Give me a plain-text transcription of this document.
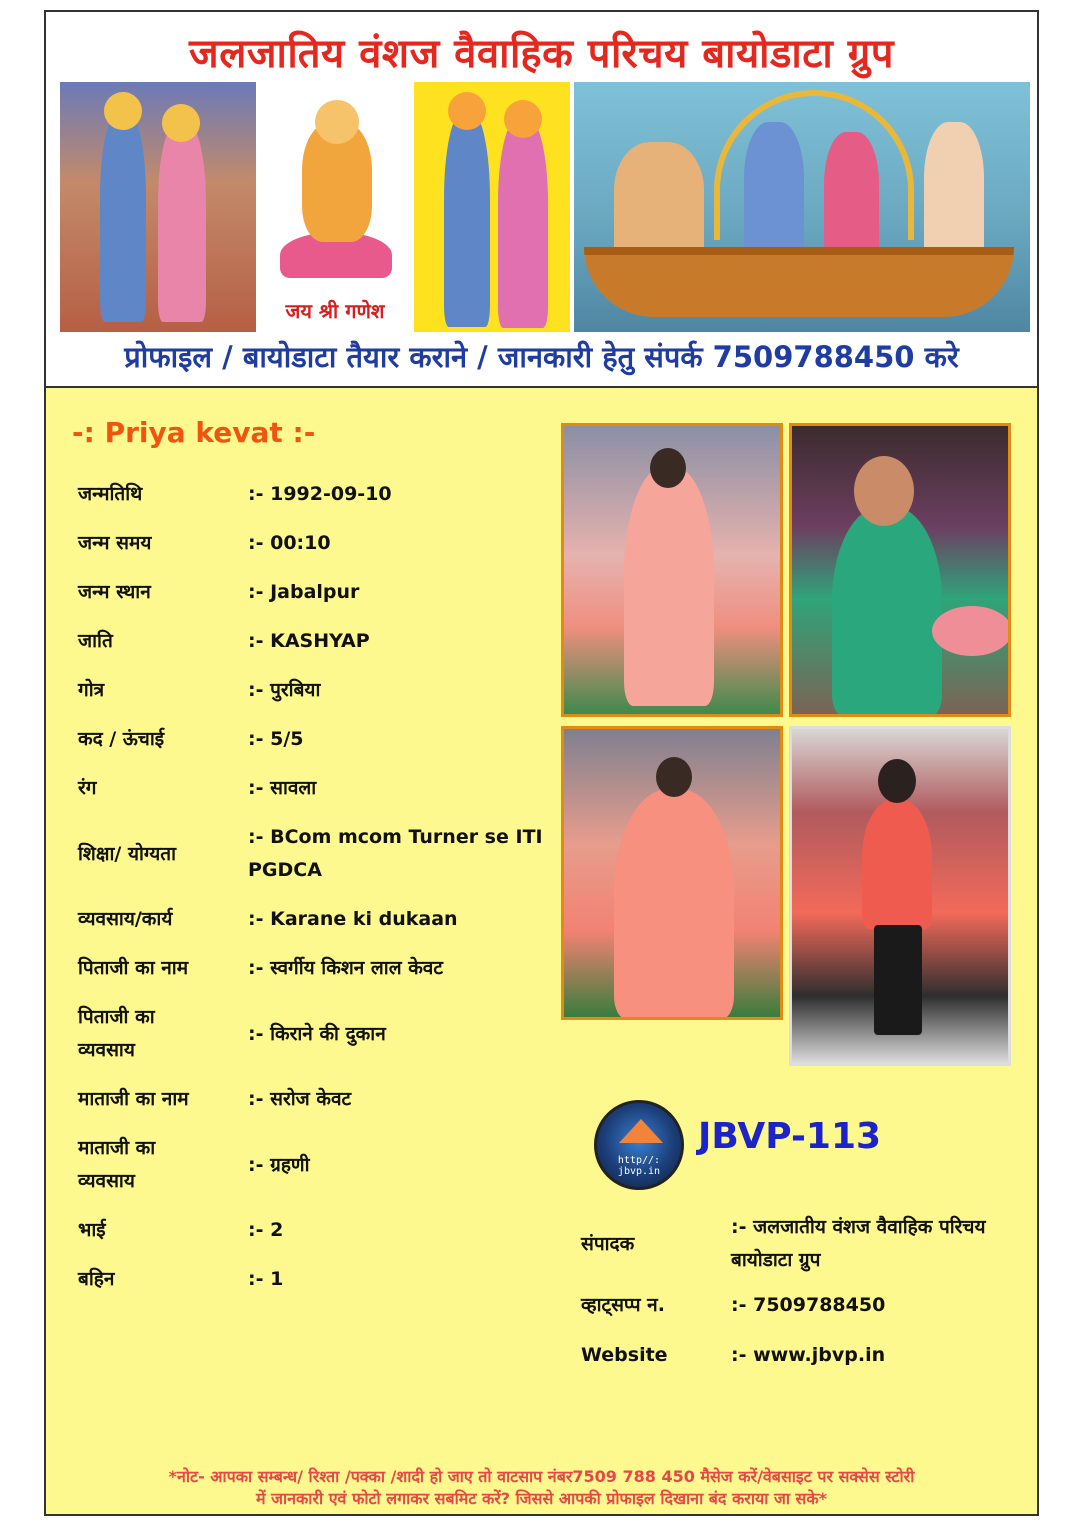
जलजातिय वंशज वैवाहिक परिचय बायोडाटा ग्रुप
जय श्री गणेश
प्रोफाइल / बायोडाटा तैयार कराने / जानकारी हेतु संपर्क 7509788450 करे
-: Priya kevat :-
जन्मतिथि	:- 1992-09-10
जन्म समय	:- 00:10
जन्म स्थान	:- Jabalpur
जाति	:- KASHYAP
गोत्र	:- पुरबिया
कद / ऊंचाई	:- 5/5
रंग	:- सावला
शिक्षा/ योग्यता
:- BCom mcom Turner se ITI PGDCA
व्यवसाय/कार्य	:- Karane ki dukaan
पिताजी का नाम	:- स्वर्गीय किशन लाल केवट
पिताजी का व्यवसाय
:- किराने की दुकान
माताजी का नाम	:- सरोज केवट
माताजी का व्यवसाय
:- ग्रहणी
भाई	:- 2
बहिन	:- 1
http//: jbvp.in
JBVP-113
संपादक
:- जलजातीय वंशज वैवाहिक परिचय बायोडाटा ग्रुप
व्हाट्सप्प न.	:- 7509788450
Website	:- www.jbvp.in
*नोट- आपका सम्बन्ध/ रिश्ता /पक्का /शादी हो जाए तो वाटसाप नंबर7509 788 450 मैसेज करें/वेबसाइट पर सक्सेस स्टोरी
में जानकारी एवं फोटो लगाकर सबमिट करें? जिससे आपकी प्रोफाइल दिखाना बंद कराया जा सके*
